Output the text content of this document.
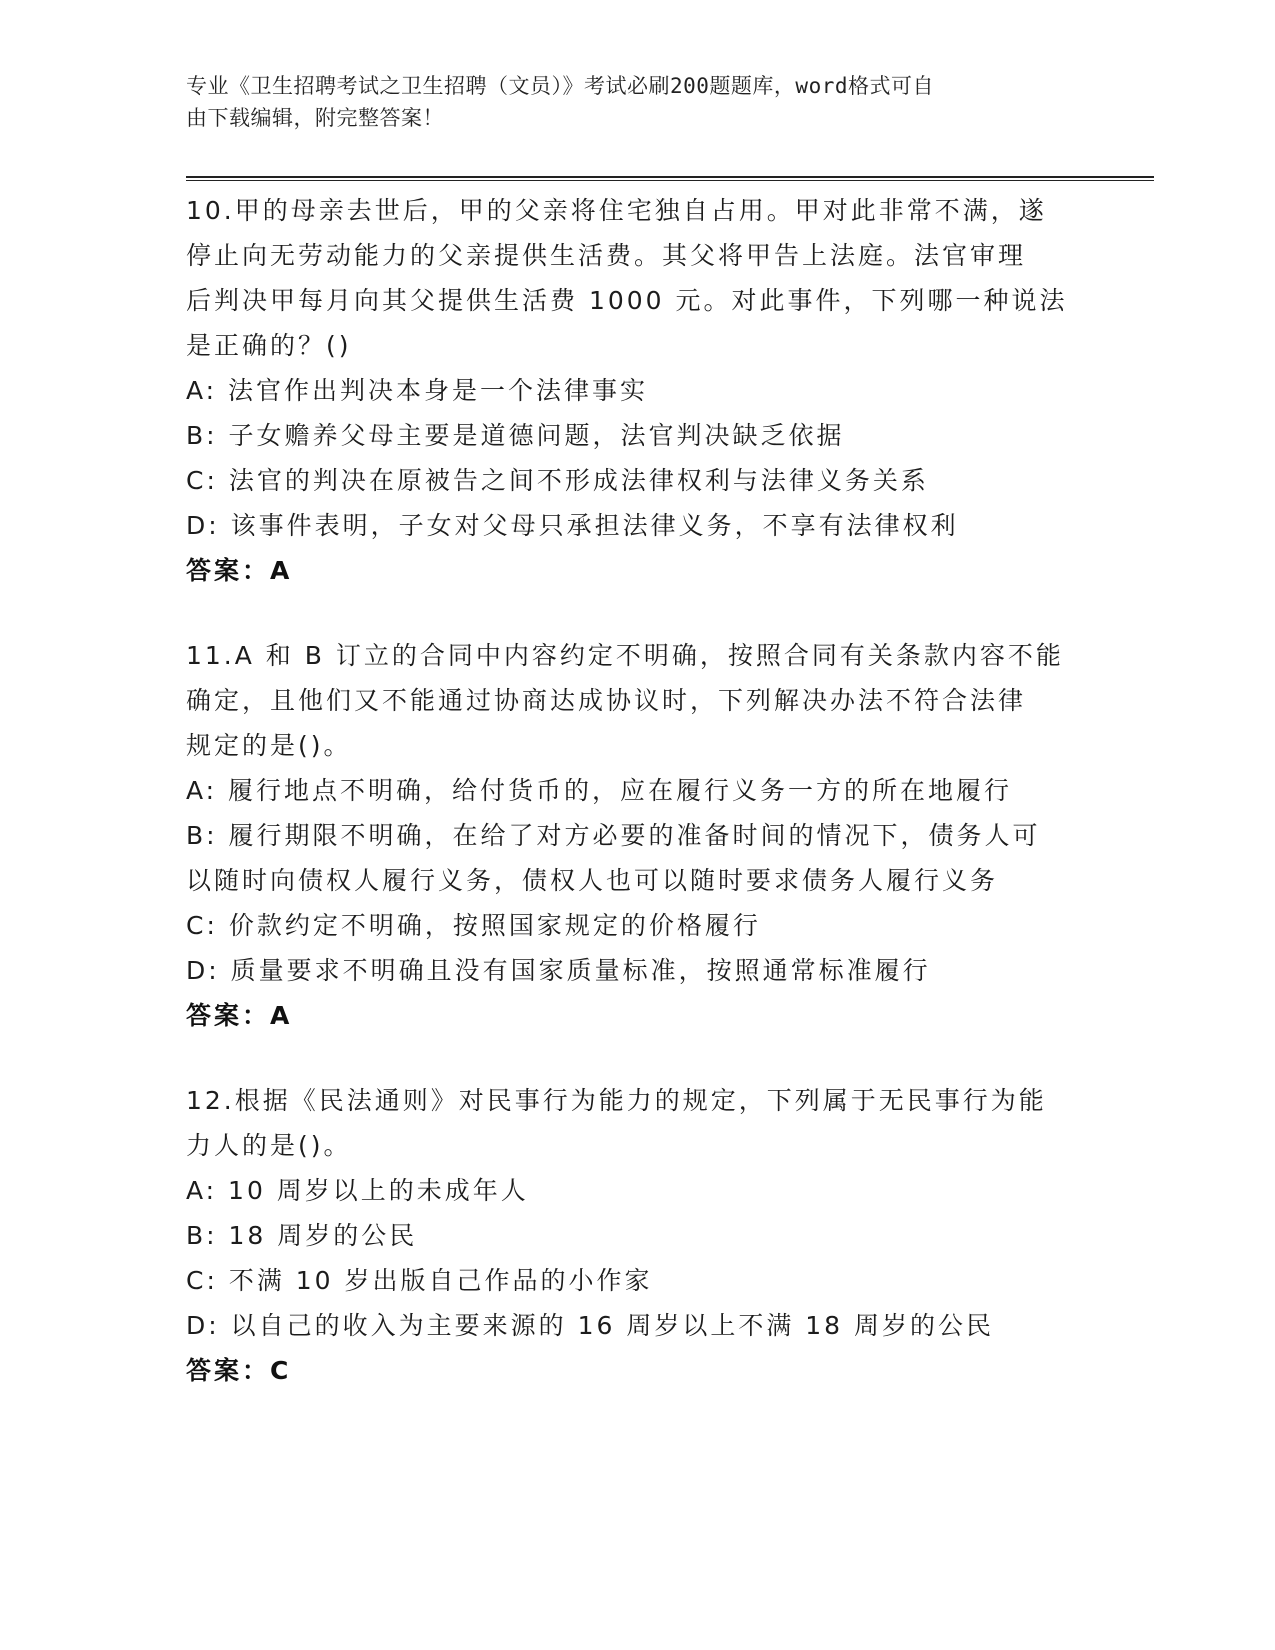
专业《卫生招聘考试之卫生招聘（文员）》考试必刷200题题库，word格式可自

由下载编辑，附完整答案！

10.甲的母亲去世后，甲的父亲将住宅独自占用。甲对此非常不满，遂

停止向无劳动能力的父亲提供生活费。其父将甲告上法庭。法官审理

后判决甲每月向其父提供生活费 1000 元。对此事件，下列哪一种说法

是正确的？()

A: 法官作出判决本身是一个法律事实

B: 子女赡养父母主要是道德问题，法官判决缺乏依据

C: 法官的判决在原被告之间不形成法律权利与法律义务关系

D: 该事件表明，子女对父母只承担法律义务，不享有法律权利

答案：A

11.A 和 B 订立的合同中内容约定不明确，按照合同有关条款内容不能

确定，且他们又不能通过协商达成协议时，下列解决办法不符合法律

规定的是()。

A: 履行地点不明确，给付货币的，应在履行义务一方的所在地履行

B: 履行期限不明确，在给了对方必要的准备时间的情况下，债务人可

以随时向债权人履行义务，债权人也可以随时要求债务人履行义务

C: 价款约定不明确，按照国家规定的价格履行

D: 质量要求不明确且没有国家质量标准，按照通常标准履行

答案：A

12.根据《民法通则》对民事行为能力的规定，下列属于无民事行为能

力人的是()。

A: 10 周岁以上的未成年人

B: 18 周岁的公民

C: 不满 10 岁出版自己作品的小作家

D: 以自己的收入为主要来源的 16 周岁以上不满 18 周岁的公民

答案：C
